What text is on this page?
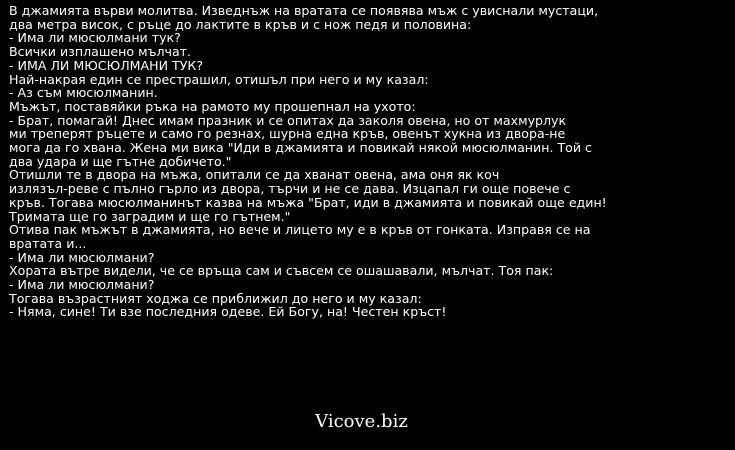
В джамията върви молитва. Изведнъж на вратата се появява мъж с увиснали мустаци,
два метра висок, с ръце до лактите в кръв и с нож педя и половина:
- Има ли мюсюлмани тук?
Всички изплашено мълчат.
- ИМА ЛИ МЮСЮЛМАНИ ТУК?
Най-накрая един се престрашил, отишъл при него и му казал:
- Аз съм мюсюлманин.
Мъжът, поставяйки ръка на рамото му прошепнал на ухото:
- Брат, помагай! Днес имам празник и се опитах да заколя овена, но от махмурлук
ми треперят ръцете и само го резнах, шурна една кръв, овенът хукна из двора-не
мога да го хвана. Жена ми вика "Иди в джамията и повикай някой мюсюлманин. Той с
два удара и ще гътне добичето."
Отишли те в двора на мъжа, опитали се да хванат овена, ама оня як коч
излязъл-реве с пълно гърло из двора, търчи и не се дава. Изцапал ги още повече с
кръв. Тогава мюсюлманинът казва на мъжа "Брат, иди в джамията и повикай още един!
Тримата ще го заградим и ще го гътнем."
Отива пак мъжът в джамията, но вече и лицето му е в кръв от гонката. Изправя се на
вратата и...
- Има ли мюсюлмани?
Хората вътре видели, че се връща сам и съвсем се ошашавали, мълчат. Тоя пак:
- Има ли мюсюлмани?
Тогава възрастният ходжа се приближил до него и му казал:
- Няма, сине! Ти взе последния одеве. Ей Богу, на! Честен кръст!
Vicove.biz
